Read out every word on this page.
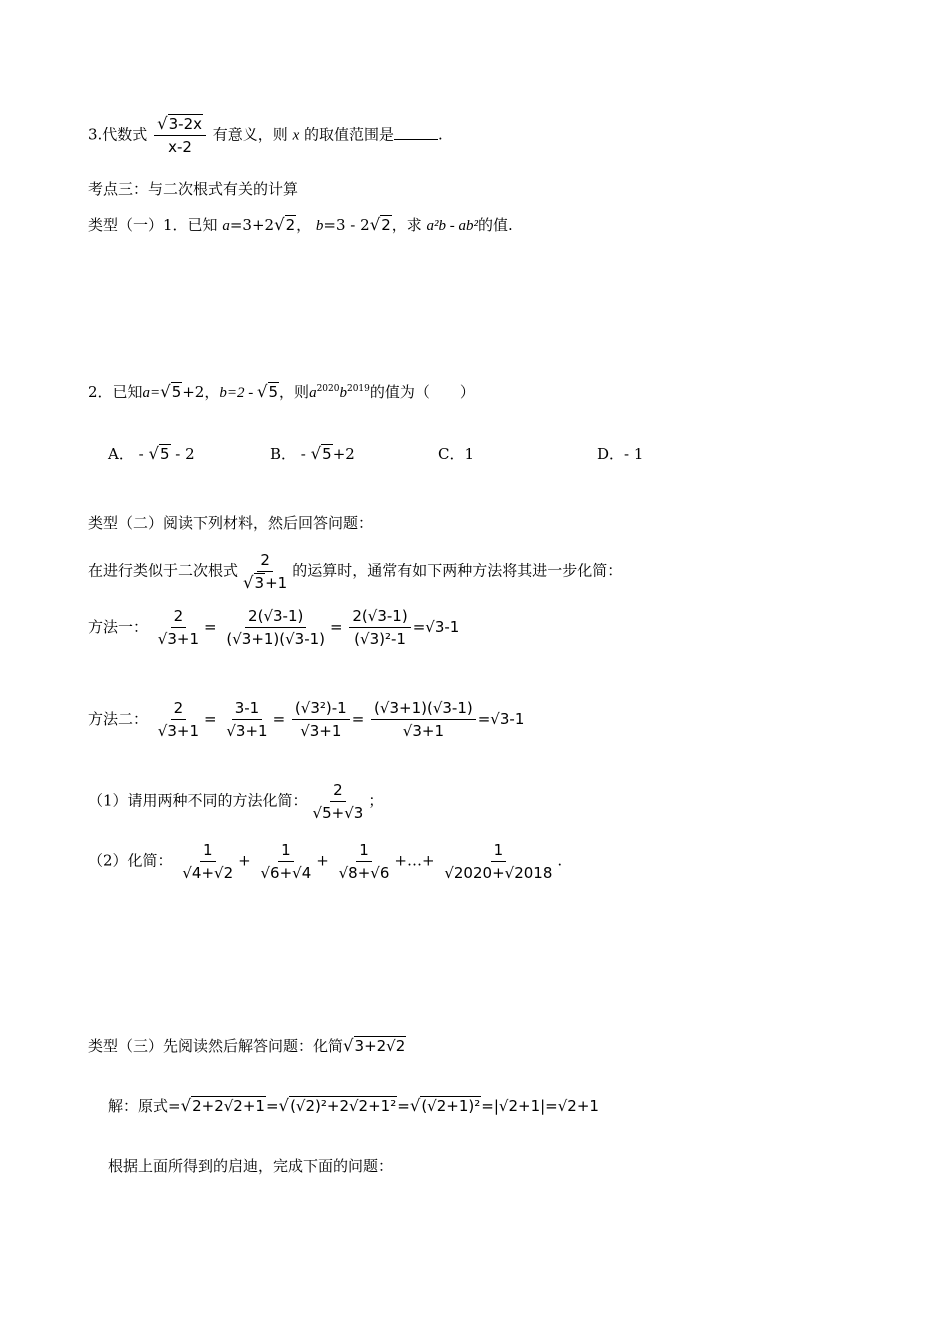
3.代数式 $\frac{√3-2x}{x-2}$ 有意义，则 x 的取值范围是	.
考点三：与二次根式有关的计算
类型（一）1．已知 a=3+2√2， b=3 - 2√2，求 a²b - ab²的值.
2．已知a=√5+2，b=2 - √5，则$a^{2020}b^{2019}$的值为（　　）
A． - √5 - 2	B． - √5+2	C．1	D．- 1
类型（二）阅读下列材料，然后回答问题：
在进行类似于二次根式 $\frac{2}{√3+1}$ 的运算时，通常有如下两种方法将其进一步化简：
方法一： $\frac{2}{√3+1} = \frac{2(√3-1)}{(√3+1)(√3-1)} = \frac{2(√3-1)}{\text{(√3)²-1}} =√3-1$
方法二： $\frac{2}{√3+1} = \frac{3-1}{√3+1} = \frac{\text{(√3²)-1}}{√3+1} = \frac{(√3+1)(√3-1)}{√3+1} =√3-1$
（1）请用两种不同的方法化简： $\frac{2}{√5+√3}$ ；
（2）化简： $\frac{1}{√4+√2} + \frac{1}{√6+√4} + \frac{1}{√8+√6}$ +…+ $\frac{1}{√2020+√2018}$ .
类型（三）先阅读然后解答问题：化简√3+2√2
解：原式=√2+2√2+1=√(√2)²+2√2+1²=√(√2+1)²=|√2+1|=√2+1
根据上面所得到的启迪，完成下面的问题：
